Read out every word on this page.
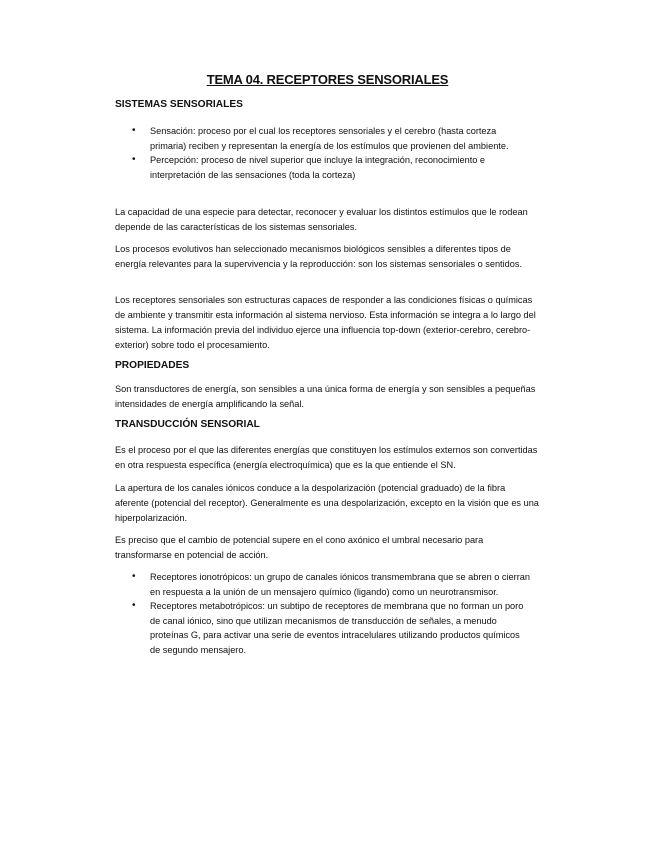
TEMA 04. RECEPTORES SENSORIALES
SISTEMAS SENSORIALES
• Sensación: proceso por el cual los receptores sensoriales y el cerebro (hasta corteza primaria) reciben y representan la energía de los estímulos que provienen del ambiente.
• Percepción: proceso de nivel superior que incluye la integración, reconocimiento e interpretación de las sensaciones (toda la corteza)

La capacidad de una especie para detectar, reconocer y evaluar los distintos estímulos que le rodean depende de las características de los sistemas sensoriales.

Los procesos evolutivos han seleccionado mecanismos biológicos sensibles a diferentes tipos de energía relevantes para la supervivencia y la reproducción: son los sistemas sensoriales o sentidos.

Los receptores sensoriales son estructuras capaces de responder a las condiciones físicas o químicas de ambiente y transmitir esta información al sistema nervioso. Esta información se integra a lo largo del sistema. La información previa del individuo ejerce una influencia top-down (exterior-cerebro, cerebro-exterior) sobre todo el procesamiento.

PROPIEDADES

Son transductores de energía, son sensibles a una única forma de energía y son sensibles a pequeñas intensidades de energía amplificando la señal.

TRANSDUCCIÓN SENSORIAL

Es el proceso por el que las diferentes energías que constituyen los estímulos externos son convertidas en otra respuesta específica (energía electroquímica) que es la que entiende el SN.

La apertura de los canales iónicos conduce a la despolarización (potencial graduado) de la fibra aferente (potencial del receptor). Generalmente es una despolarización, excepto en la visión que es una hiperpolarización.

Es preciso que el cambio de potencial supere en el cono axónico el umbral necesario para transformarse en potencial de acción.

• Receptores ionotrópicos: un grupo de canales iónicos transmembrana que se abren o cierran en respuesta a la unión de un mensajero químico (ligando) como un neurotransmisor.
• Receptores metabotrópicos: un subtipo de receptores de membrana que no forman un poro de canal iónico, sino que utilizan mecanismos de transducción de señales, a menudo proteínas G, para activar una serie de eventos intracelulares utilizando productos químicos de segundo mensajero.
